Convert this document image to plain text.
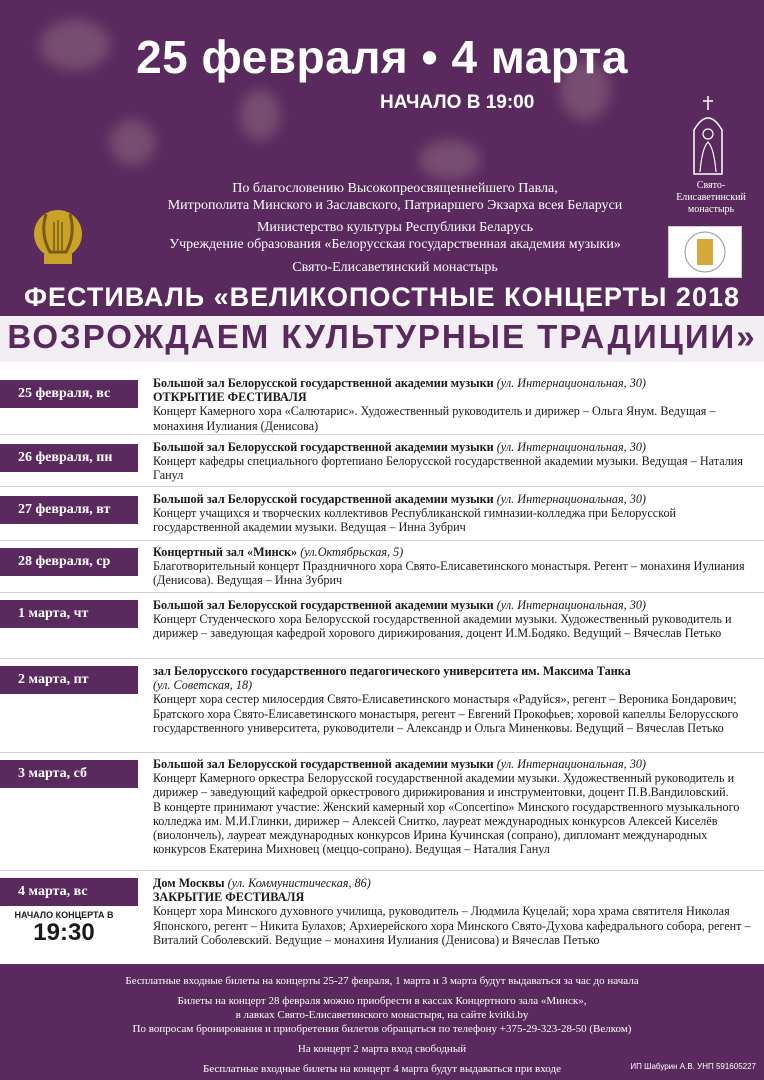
25 февраля • 4 марта
НАЧАЛО В 19:00
Свято-Елисаветинский монастырь
По благословению Высокопреосвященнейшего Павла,
Митрополита Минского и Заславского, Патриаршего Экзарха всея Беларуси
Министерство культуры Республики Беларусь
Учреждение образования «Белорусская государственная академия музыки»
Свято-Елисаветинский монастырь
ФЕСТИВАЛЬ «ВЕЛИКОПОСТНЫЕ КОНЦЕРТЫ 2018
ВОЗРОЖДАЕМ КУЛЬТУРНЫЕ ТРАДИЦИИ»
25 февраля, вс
Большой зал Белорусской государственной академии музыки (ул. Интернациональная, 30)
ОТКРЫТИЕ ФЕСТИВАЛЯ
Концерт Камерного хора «Салютарис». Художественный руководитель и дирижер – Ольга Янум. Ведущая – монахиня Иулиания (Денисова)
26 февраля, пн
Большой зал Белорусской государственной академии музыки (ул. Интернациональная, 30)
Концерт кафедры специального фортепиано Белорусской государственной академии музыки. Ведущая – Наталия Ганул
27 февраля, вт
Большой зал Белорусской государственной академии музыки (ул. Интернациональная, 30)
Концерт учащихся и творческих коллективов Республиканской гимназии-колледжа при Белорусской государственной академии музыки. Ведущая – Инна Зубрич
28 февраля, ср
Концертный зал «Минск» (ул.Октябрьская, 5)
Благотворительный концерт Праздничного хора Свято-Елисаветинского монастыря. Регент – монахиня Иулиания (Денисова). Ведущая – Инна Зубрич
1 марта, чт
Большой зал Белорусской государственной академии музыки (ул. Интернациональная, 30)
Концерт Студенческого хора Белорусской государственной академии музыки. Художественный руководитель и дирижер – заведующая кафедрой хорового дирижирования, доцент И.М.Бодяко. Ведущий – Вячеслав Петько
2 марта, пт
зал Белорусского государственного педагогического университета им. Максима Танка
(ул. Советская, 18)
Концерт хора сестер милосердия Свято-Елисаветинского монастыря «Радуйся», регент – Вероника Бондарович; Братского хора Свято-Елисаветинского монастыря, регент – Евгений Прокофьев; хоровой капеллы Белорусского государственного университета, руководители – Александр и Ольга Миненковы. Ведущий – Вячеслав Петько
3 марта, сб
Большой зал Белорусской государственной академии музыки (ул. Интернациональная, 30)
Концерт Камерного оркестра Белорусской государственной академии музыки. Художественный руководитель и дирижер – заведующий кафедрой оркестрового дирижирования и инструментовки, доцент П.В.Вандиловский.
В концерте принимают участие: Женский камерный хор «Concertino» Минского государственного музыкального колледжа им. М.И.Глинки, дирижер – Алексей Снитко, лауреат международных конкурсов Алексей Киселёв (виолончель), лауреат международных конкурсов Ирина Кучинская (сопрано), дипломант международных конкурсов Екатерина Михновец (меццо-сопрано). Ведущая – Наталия Ганул
4 марта, вс
Дом Москвы (ул. Коммунистическая, 86)
ЗАКРЫТИЕ ФЕСТИВАЛЯ
Концерт хора Минского духовного училища, руководитель – Людмила Куцелай; хора храма святителя Николая Японского, регент – Никита Булахов; Архиерейского хора Минского Свято-Духова кафедрального собора, регент – Виталий Соболевский. Ведущие – монахиня Иулиания (Денисова) и Вячеслав Петько
НАЧАЛО КОНЦЕРТА В
19:30

Бесплатные входные билеты на концерты 25-27 февраля, 1 марта и 3 марта будут выдаваться за час до начала

Билеты на концерт 28 февраля можно приобрести в кассах Концертного зала «Минск»,

в лавках Свято-Елисаветинского монастыря, на сайте kvitki.by

По вопросам бронирования и приобретения билетов обращаться по телефону +375-29-323-28-50 (Велком)

На концерт 2 марта вход свободный

Бесплатные входные билеты на концерт 4 марта будут выдаваться при входе	ИП Шабурин А.В. УНП 591605227
